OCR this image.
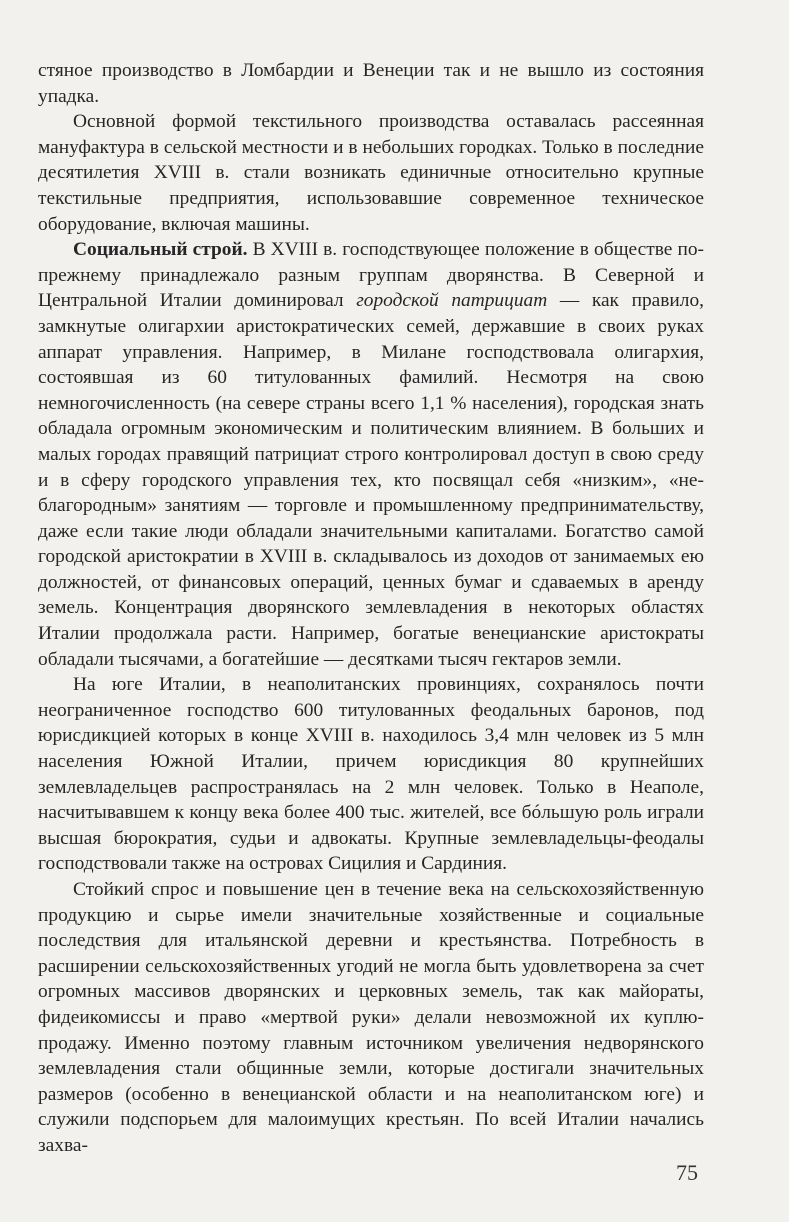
стяное производство в Ломбардии и Венеции так и не вышло из состояния упадка.

Основной формой текстильного производства оставалась рассеянная мануфактура в сельской местности и в небольших городках. Только в последние десятилетия XVIII в. стали возникать единичные относительно крупные текстильные предприятия, использовавшие современное техническое оборудование, включая машины.

Социальный строй. В XVIII в. господствующее положение в обществе по-прежнему принадлежало разным группам дворянства. В Северной и Центральной Италии доминировал городской патрициат — как правило, замкнутые олигархии аристократических семей, державшие в своих руках аппарат управления. Например, в Милане господствовала олигархия, состоявшая из 60 титулованных фамилий. Несмотря на свою немногочисленность (на севере страны всего 1,1 % населения), городская знать обладала огромным экономическим и политическим влиянием. В больших и малых городах правящий патрициат строго контролировал доступ в свою среду и в сферу городского управления тех, кто посвящал себя «низким», «неблагородным» занятиям — торговле и промышленному предпринимательству, даже если такие люди обладали значительными капиталами. Богатство самой городской аристократии в XVIII в. складывалось из доходов от занимаемых ею должностей, от финансовых операций, ценных бумаг и сдаваемых в аренду земель. Концентрация дворянского землевладения в некоторых областях Италии продолжала расти. Например, богатые венецианские аристократы обладали тысячами, а богатейшие — десятками тысяч гектаров земли.

На юге Италии, в неаполитанских провинциях, сохранялось почти неограниченное господство 600 титулованных феодальных баронов, под юрисдикцией которых в конце XVIII в. находилось 3,4 млн человек из 5 млн населения Южной Италии, причем юрисдикция 80 крупнейших землевладельцев распространялась на 2 млн человек. Только в Неаполе, насчитывавшем к концу века более 400 тыс. жителей, все бóльшую роль играли высшая бюрократия, судьи и адвокаты. Крупные землевладельцы-феодалы господствовали также на островах Сицилия и Сардиния.

Стойкий спрос и повышение цен в течение века на сельскохозяйственную продукцию и сырье имели значительные хозяйственные и социальные последствия для итальянской деревни и крестьянства. Потребность в расширении сельскохозяйственных угодий не могла быть удовлетворена за счет огромных массивов дворянских и церковных земель, так как майораты, фидеикомиссы и право «мертвой руки» делали невозможной их куплю-продажу. Именно поэтому главным источником увеличения недворянского землевладения стали общинные земли, которые достигали значительных размеров (особенно в венецианской области и на неаполитанском юге) и служили подспорьем для малоимущих крестьян. По всей Италии начались захва-

75
